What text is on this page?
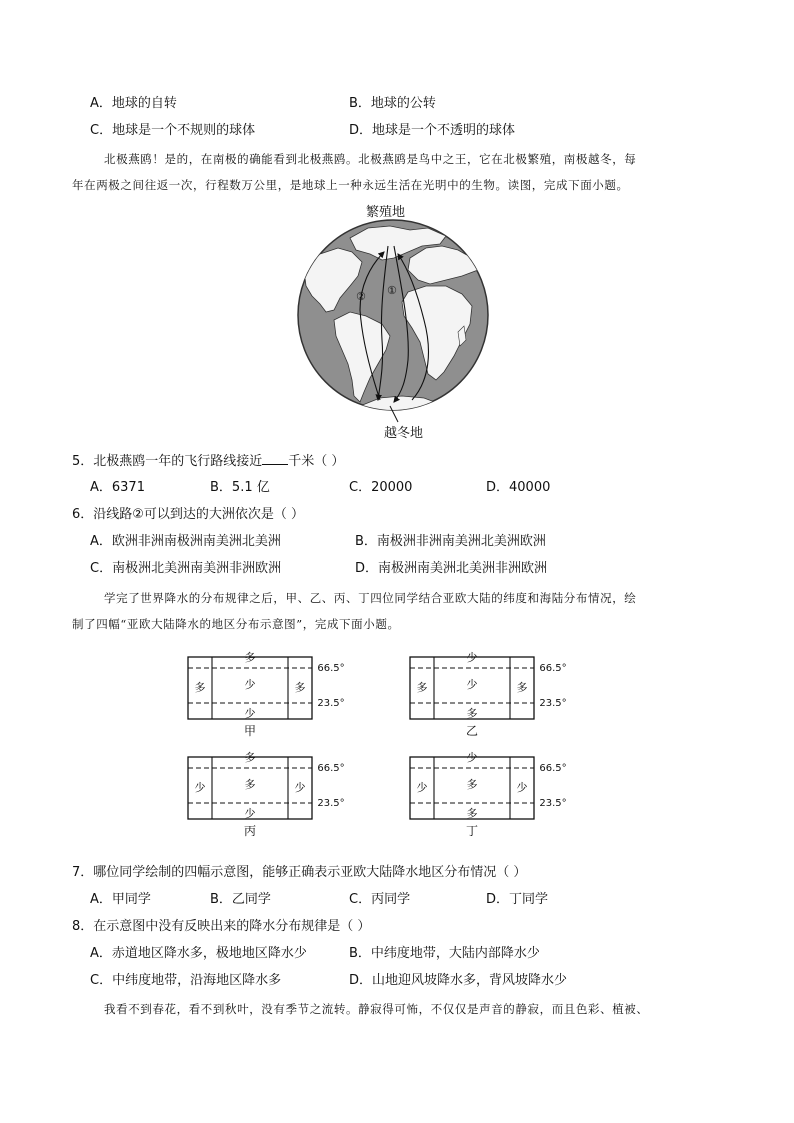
A．地球的自转	B．地球的公转
C．地球是一个不规则的球体	D．地球是一个不透明的球体
北极燕鸥！是的，在南极的确能看到北极燕鸥。北极燕鸥是鸟中之王，它在北极繁殖，南极越冬，每
年在两极之间往返一次，行程数万公里，是地球上一种永远生活在光明中的生物。读图，完成下面小题。
繁殖地
①
②
越冬地
5．北极燕鸥一年的飞行路线接近 千米（ ）
A．6371	B．5.1 亿	C．20000	D．40000
6．沿线路②可以到达的大洲依次是（ ）
A．欧洲非洲南极洲南美洲北美洲	B．南极洲非洲南美洲北美洲欧洲
C．南极洲北美洲南美洲非洲欧洲	D．南极洲南美洲北美洲非洲欧洲
学完了世界降水的分布规律之后，甲、乙、丙、丁四位同学结合亚欧大陆的纬度和海陆分布情况，绘
制了四幅“亚欧大陆降水的地区分布示意图”，完成下面小题。
多
多	少	多
少
66.5°
23.5°
甲
少
多	少	多
多
66.5°
23.5°
乙
多
少	多	少
少
66.5°
23.5°
丙
少
少	多	少
多
66.5°
23.5°
丁
7．哪位同学绘制的四幅示意图，能够正确表示亚欧大陆降水地区分布情况（ ）
A．甲同学	B．乙同学	C．丙同学	D．丁同学
8．在示意图中没有反映出来的降水分布规律是（ ）
A．赤道地区降水多，极地地区降水少	B．中纬度地带，大陆内部降水少
C．中纬度地带，沿海地区降水多	D．山地迎风坡降水多，背风坡降水少
我看不到春花，看不到秋叶，没有季节之流转。静寂得可怖，不仅仅是声音的静寂，而且色彩、植被、
